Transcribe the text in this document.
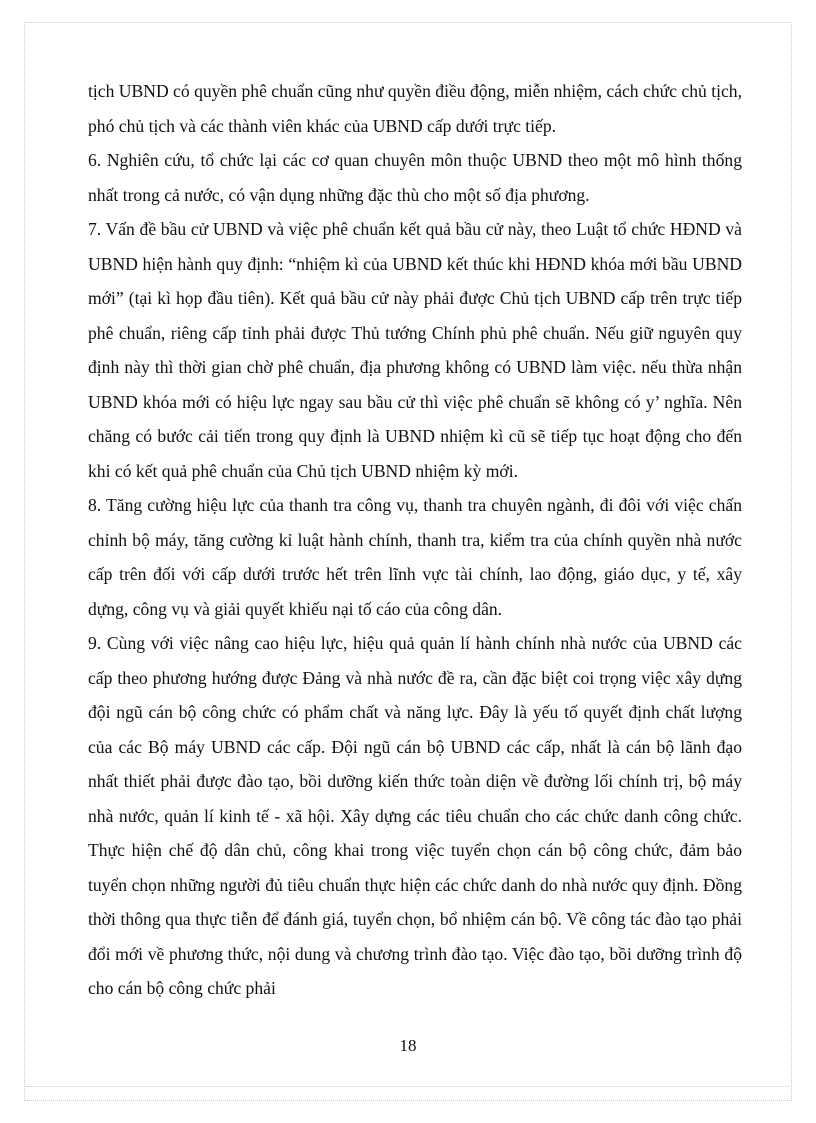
tịch UBND có quyền phê chuẩn cũng như quyền điều động, miễn nhiệm, cách chức chủ tịch, phó chủ tịch và các thành viên khác của UBND cấp dưới trực tiếp.

6. Nghiên cứu, tổ chức lại các cơ quan chuyên môn thuộc UBND theo một mô hình thống nhất trong cả nước, có vận dụng những đặc thù cho một số địa phương.

7. Vấn đề bầu cử UBND và việc phê chuẩn kết quả bầu cử này, theo Luật tổ chức HĐND và UBND hiện hành quy định: “nhiệm kì của UBND kết thúc khi HĐND khóa mới bầu UBND mới” (tại kì họp đầu tiên). Kết quả bầu cử này phải được Chủ tịch UBND cấp trên trực tiếp phê chuẩn, riêng cấp tỉnh phải được Thủ tướng Chính phủ phê chuẩn. Nếu giữ nguyên quy định này thì thời gian chờ phê chuẩn, địa phương không có UBND làm việc. nếu thừa nhận UBND khóa mới có hiệu lực ngay sau bầu cử thì việc phê chuẩn sẽ không có y’ nghĩa. Nên chăng có bước cải tiến trong quy định là UBND nhiệm kì cũ sẽ tiếp tục hoạt động cho đến khi có kết quả phê chuẩn của Chủ tịch UBND nhiệm kỳ mới.

8. Tăng cường hiệu lực của thanh tra công vụ, thanh tra chuyên ngành, đi đôi với việc chấn chỉnh bộ máy, tăng cường kỉ luật hành chính, thanh tra, kiểm tra của chính quyền nhà nước cấp trên đối với cấp dưới trước hết trên lĩnh vực tài chính, lao động, giáo dục, y tế, xây dựng, công vụ và giải quyết khiếu nại tố cáo của công dân.

9. Cùng với việc nâng cao hiệu lực, hiệu quả quản lí hành chính nhà nước của UBND các cấp theo phương hướng được Đảng và nhà nước đề ra, cần đặc biệt coi trọng việc xây dựng đội ngũ cán bộ công chức có phẩm chất và năng lực. Đây là yếu tố quyết định chất lượng của các Bộ máy UBND các cấp. Đội ngũ cán bộ UBND các cấp, nhất là cán bộ lãnh đạo nhất thiết phải được đào tạo, bồi dưỡng kiến thức toàn diện về đường lối chính trị, bộ máy nhà nước, quản lí kinh tế - xã hội. Xây dựng các tiêu chuẩn cho các chức danh công chức. Thực hiện chế độ dân chủ, công khai trong việc tuyển chọn cán bộ công chức, đảm bảo tuyển chọn những người đủ tiêu chuẩn thực hiện các chức danh do nhà nước quy định. Đồng thời thông qua thực tiễn để đánh giá, tuyển chọn, bổ nhiệm cán bộ. Về công tác đào tạo phải đổi mới về phương thức, nội dung và chương trình đào tạo. Việc đào tạo, bồi dưỡng trình độ cho cán bộ công chức phải

18
